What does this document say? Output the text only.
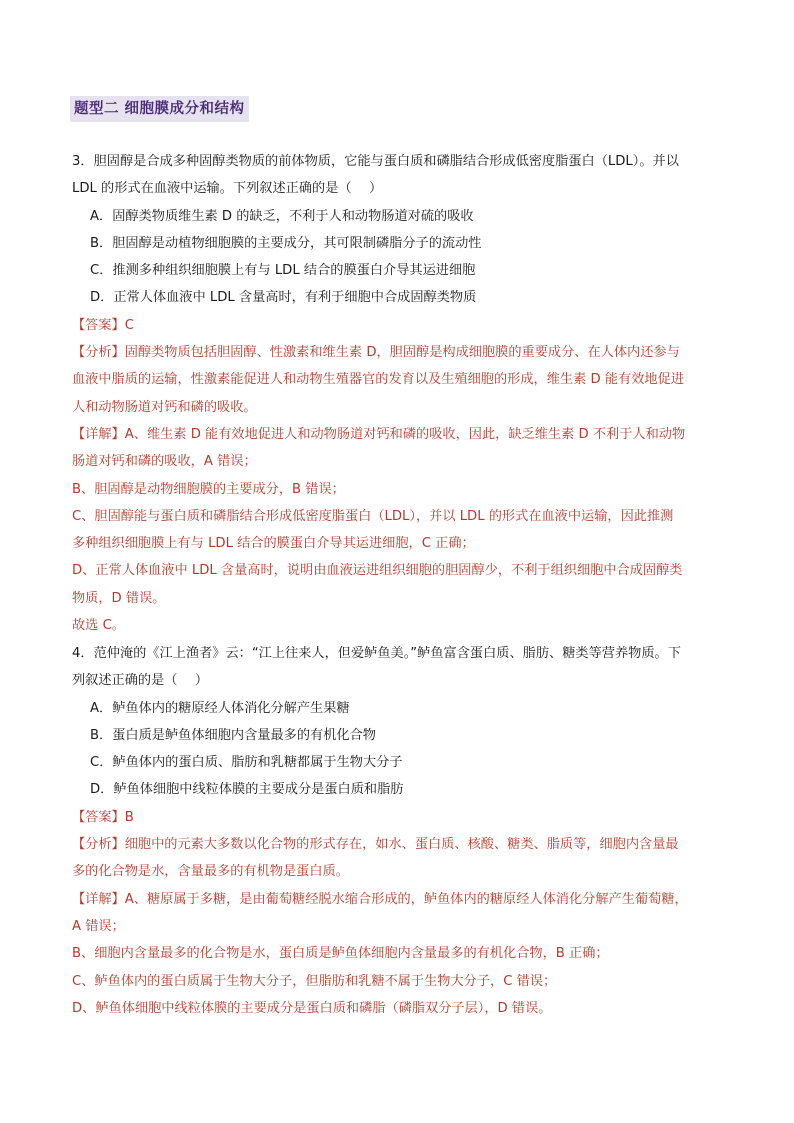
题型二 细胞膜成分和结构
3．胆固醇是合成多种固醇类物质的前体物质，它能与蛋白质和磷脂结合形成低密度脂蛋白（LDL）。并以
LDL 的形式在血液中运输。下列叙述正确的是（　 ）
A．固醇类物质维生素 D 的缺乏，不利于人和动物肠道对硫的吸收
B．胆固醇是动植物细胞膜的主要成分，其可限制磷脂分子的流动性
C．推测多种组织细胞膜上有与 LDL 结合的膜蛋白介导其运进细胞
D．正常人体血液中 LDL 含量高时，有利于细胞中合成固醇类物质
【答案】C
【分析】固醇类物质包括胆固醇、性激素和维生素 D，胆固醇是构成细胞膜的重要成分、在人体内还参与
血液中脂质的运输，性激素能促进人和动物生殖器官的发育以及生殖细胞的形成，维生素 D 能有效地促进
人和动物肠道对钙和磷的吸收。
【详解】A、维生素 D 能有效地促进人和动物肠道对钙和磷的吸收，因此，缺乏维生素 D 不利于人和动物
肠道对钙和磷的吸收，A 错误；
B、胆固醇是动物细胞膜的主要成分，B 错误；
C、胆固醇能与蛋白质和磷脂结合形成低密度脂蛋白（LDL），并以 LDL 的形式在血液中运输，因此推测
多种组织细胞膜上有与 LDL 结合的膜蛋白介导其运进细胞，C 正确；
D、正常人体血液中 LDL 含量高时，说明由血液运进组织细胞的胆固醇少，不利于组织细胞中合成固醇类
物质，D 错误。
故选 C。
4．范仲淹的《江上渔者》云：“江上往来人，但爱鲈鱼美。”鲈鱼富含蛋白质、脂肪、糖类等营养物质。下
列叙述正确的是（　 ）
A．鲈鱼体内的糖原经人体消化分解产生果糖
B．蛋白质是鲈鱼体细胞内含量最多的有机化合物
C．鲈鱼体内的蛋白质、脂肪和乳糖都属于生物大分子
D．鲈鱼体细胞中线粒体膜的主要成分是蛋白质和脂肪
【答案】B
【分析】细胞中的元素大多数以化合物的形式存在，如水、蛋白质、核酸、糖类、脂质等，细胞内含量最
多的化合物是水，含量最多的有机物是蛋白质。
【详解】A、糖原属于多糖，是由葡萄糖经脱水缩合形成的，鲈鱼体内的糖原经人体消化分解产生葡萄糖，
A 错误；
B、细胞内含量最多的化合物是水，蛋白质是鲈鱼体细胞内含量最多的有机化合物，B 正确；
C、鲈鱼体内的蛋白质属于生物大分子，但脂肪和乳糖不属于生物大分子，C 错误；
D、鲈鱼体细胞中线粒体膜的主要成分是蛋白质和磷脂（磷脂双分子层），D 错误。
